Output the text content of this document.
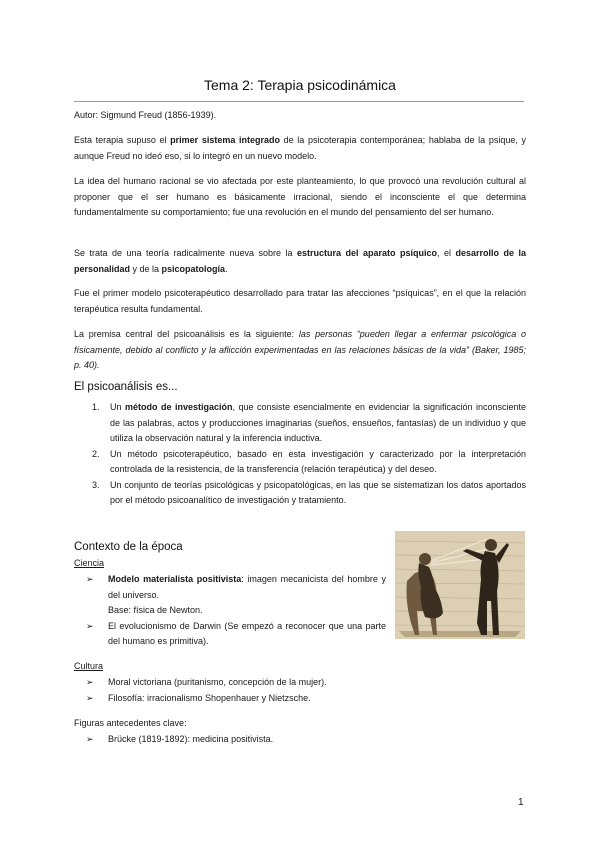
Tema 2: Terapia psicodinámica
Autor: Sigmund Freud (1856-1939).
Esta terapia supuso el primer sistema integrado de la psicoterapia contemporánea; hablaba de la psique, y aunque Freud no ideó eso, si lo integró en un nuevo modelo.
La idea del humano racional se vio afectada por este planteamiento, lo que provocó una revolución cultural al proponer que el ser humano es básicamente irracional, siendo el inconsciente el que determina fundamentalmente su comportamiento; fue una revolución en el mundo del pensamiento del ser humano.
Se trata de una teoría radicalmente nueva sobre la estructura del aparato psíquico, el desarrollo de la personalidad y de la psicopatología.
Fue el primer modelo psicoterapéutico desarrollado para tratar las afecciones “psíquicas”, en el que la relación terapéutica resulta fundamental.
La premisa central del psicoanálisis es la siguiente: las personas “pueden llegar a enfermar psicológica o físicamente, debido al conflicto y la aflicción experimentadas en las relaciones básicas de la vida” (Baker, 1985; p. 40).
El psicoanálisis es...
1. Un método de investigación, que consiste esencialmente en evidenciar la significación inconsciente de las palabras, actos y producciones imaginarias (sueños, ensueños, fantasías) de un individuo y que utiliza la observación natural y la inferencia inductiva.
2. Un método psicoterapéutico, basado en esta investigación y caracterizado por la interpretación controlada de la resistencia, de la transferencia (relación terapéutica) y del deseo.
3. Un conjunto de teorías psicológicas y psicopatológicas, en las que se sistematizan los datos aportados por el método psicoanalítico de investigación y tratamiento.
Contexto de la época
Ciencia
➢ Modelo materialista positivista: imagen mecanicista del hombre y del universo.
Base: física de Newton.
➢ El evolucionismo de Darwin (Se empezó a reconocer que una parte del humano es primitiva).
Cultura
➢ Moral victoriana (puritanismo, concepción de la mujer).
➢ Filosofía: irracionalismo Shopenhauer y Nietzsche.
Figuras antecedentes clave:
➢ Brücke (1819-1892): medicina positivista.
1
